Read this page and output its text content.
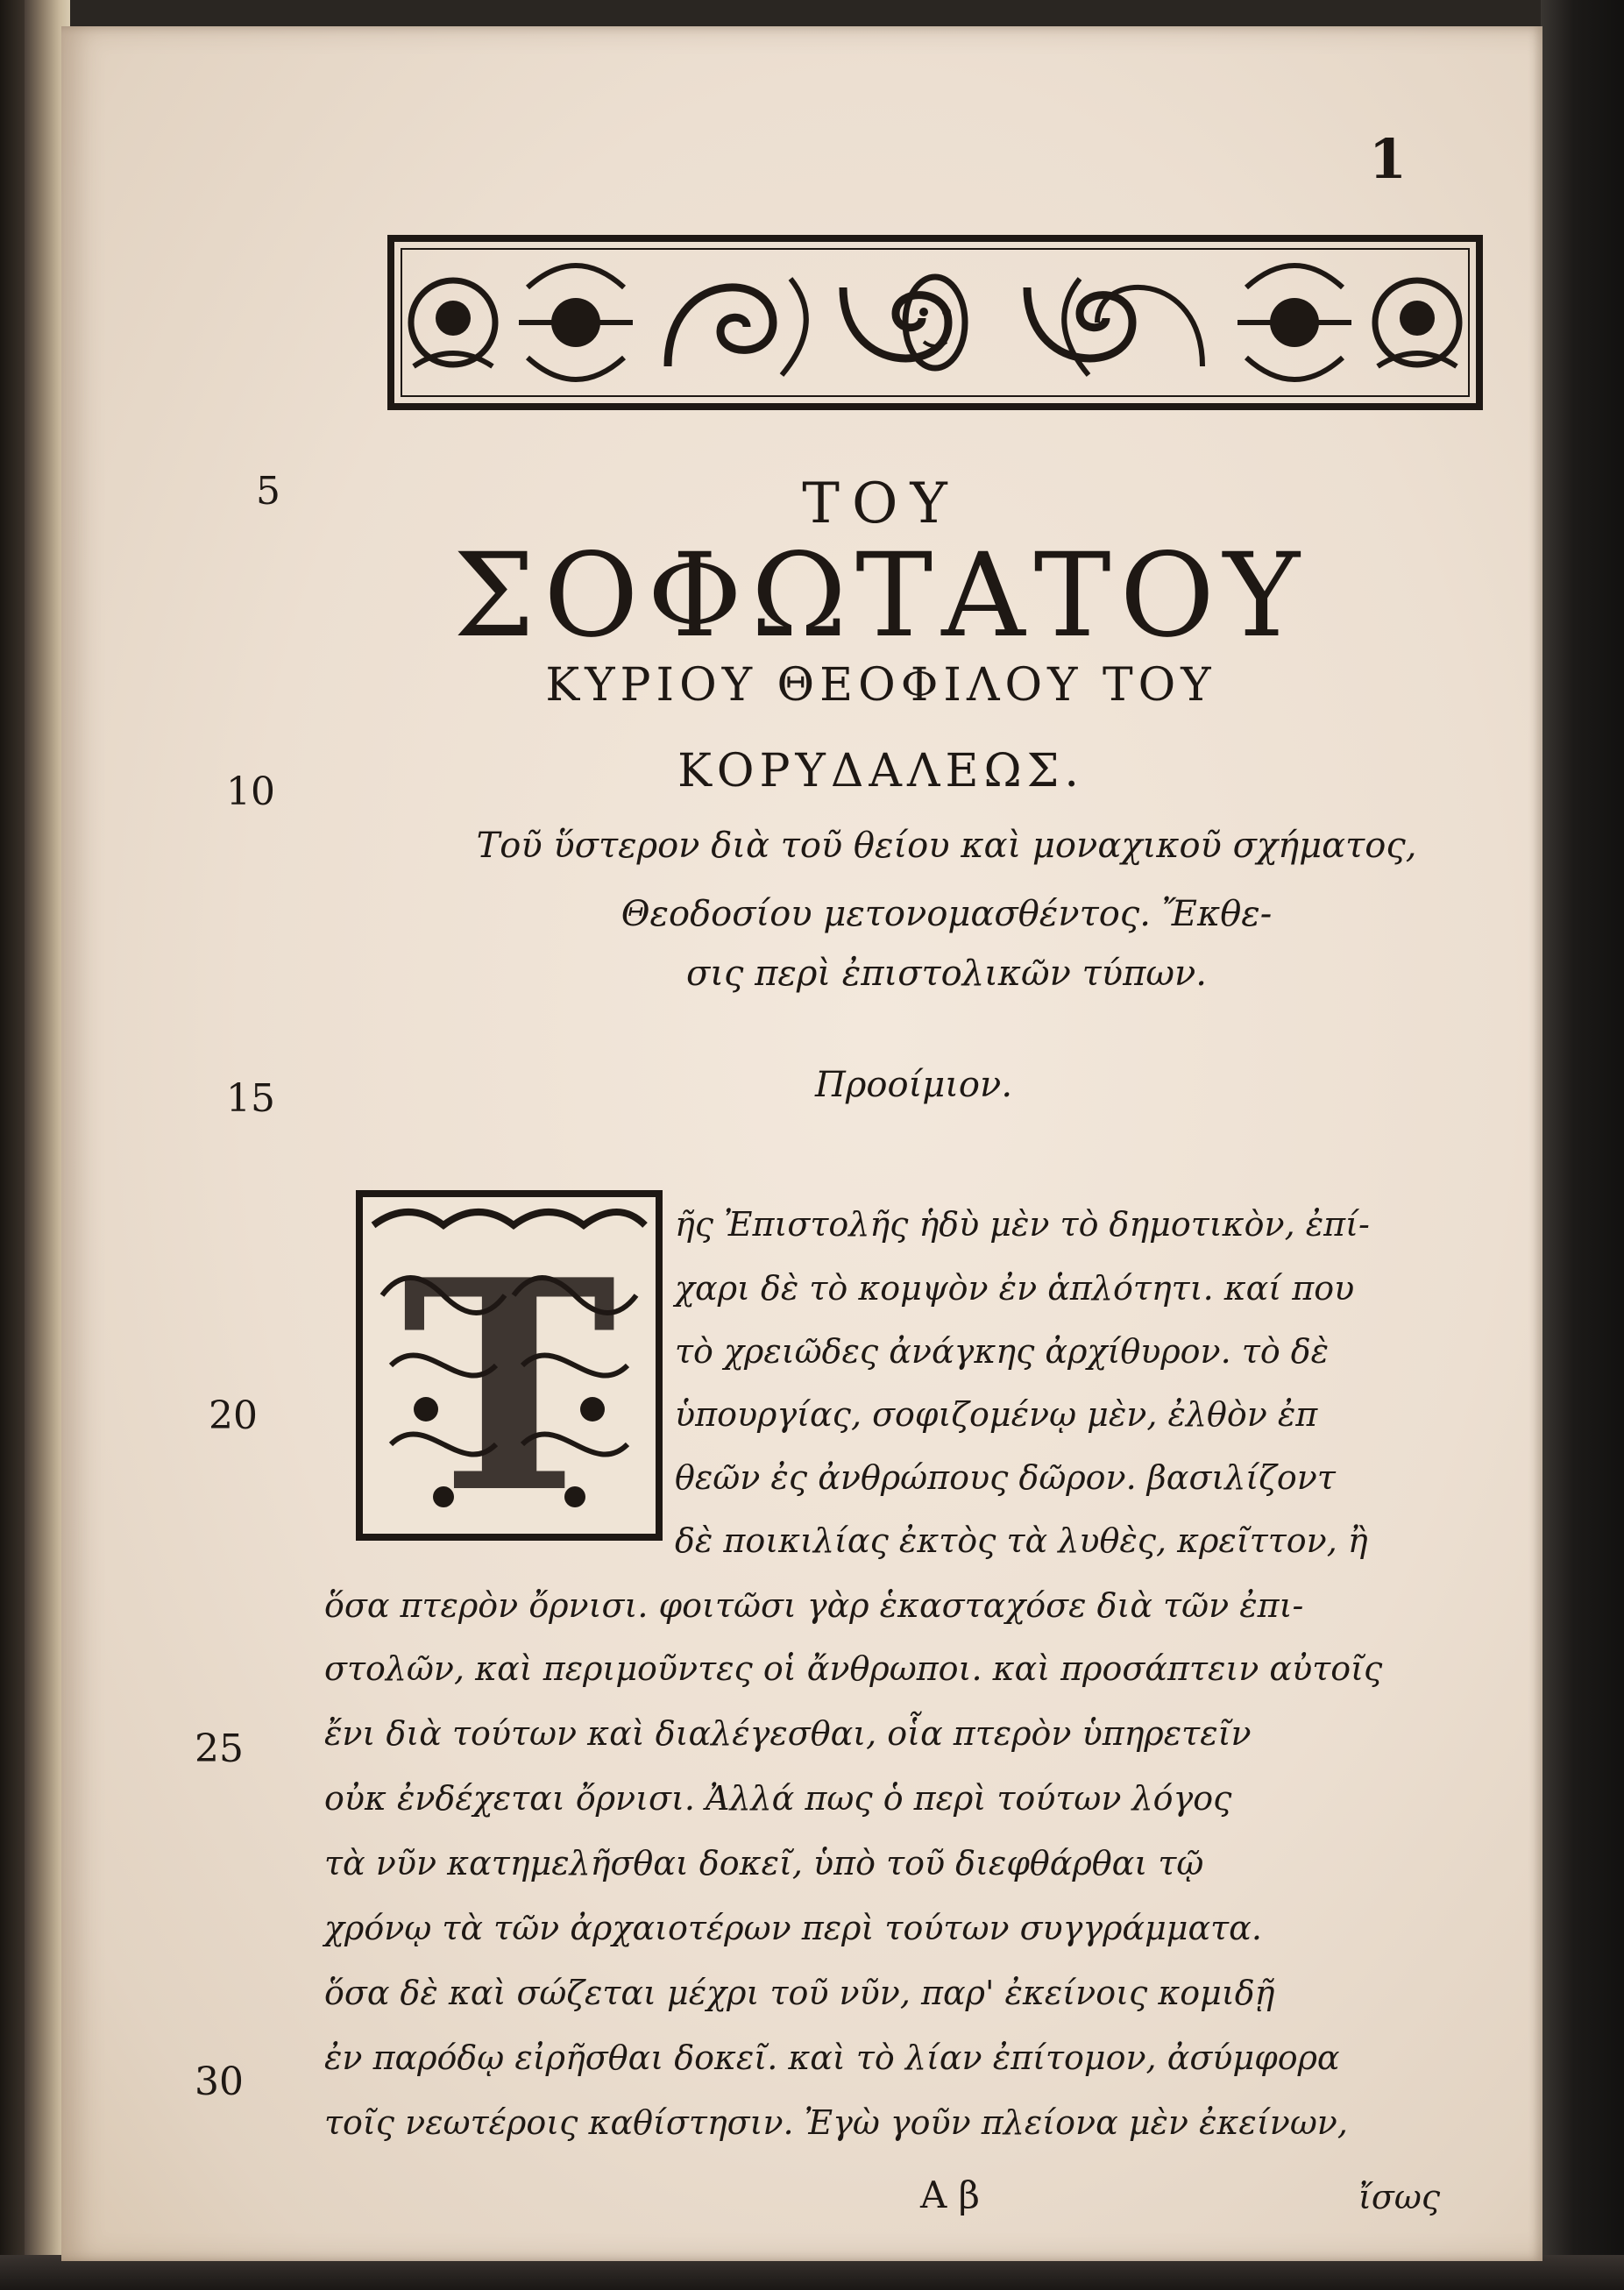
1
ΤΟΥ
ΣΟΦΩΤΑΤΟΥ
ΚΥΡΙΟΥ ΘΕΟΦΙΛΟΥ ΤΟΥ
ΚΟΡΥΔΑΛΕΩΣ.
Τοῦ ὕστερον διὰ τοῦ θείου καὶ μοναχικοῦ σχήματος,
Θεοδοσίου μετονομασθέντος. Ἔκθε-
σις περὶ ἐπιστολικῶν τύπων.
Προοίμιον.
5
10
15
20
25
30
T ῆς Ἐπιστολῆς ἡδὺ μὲν τὸ δημοτικὸν, ἐπί-
χαρι δὲ τὸ κομψὸν ἐν ἁπλότητι. καί που
τὸ χρειῶδες ἀνάγκης ἀρχίθυρον. τὸ δὲ
ὑπουργίας, σοφιζομένῳ μὲν, ἐλθὸν ἐπ
θεῶν ἐς ἀνθρώπους δῶρον. βασιλίζοντ
δὲ ποικιλίας ἐκτὸς τὰ λυθὲς, κρεῖττον, ἢ
ὅσα πτερὸν ὄρνισι. φοιτῶσι γὰρ ἑκασταχόσε διὰ τῶν ἐπι-
στολῶν, καὶ περιμοῦντες οἱ ἄνθρωποι. καὶ προσάπτειν αὐτοῖς
ἔνι διὰ τούτων καὶ διαλέγεσθαι, οἷα πτερὸν ὑπηρετεῖν
οὐκ ἐνδέχεται ὄρνισι. Ἀλλά πως ὁ περὶ τούτων λόγος
τὰ νῦν κατημελῆσθαι δοκεῖ, ὑπὸ τοῦ διεφθάρθαι τῷ
χρόνῳ τὰ τῶν ἀρχαιοτέρων περὶ τούτων συγγράμματα.
ὅσα δὲ καὶ σώζεται μέχρι τοῦ νῦν, παρ' ἐκείνοις κομιδῇ
ἐν παρόδῳ εἰρῆσθαι δοκεῖ. καὶ τὸ λίαν ἐπίτομον, ἀσύμφορα
τοῖς νεωτέροις καθίστησιν. Ἐγὼ γοῦν πλείονα μὲν ἐκείνων,
Α β	ἴσως
